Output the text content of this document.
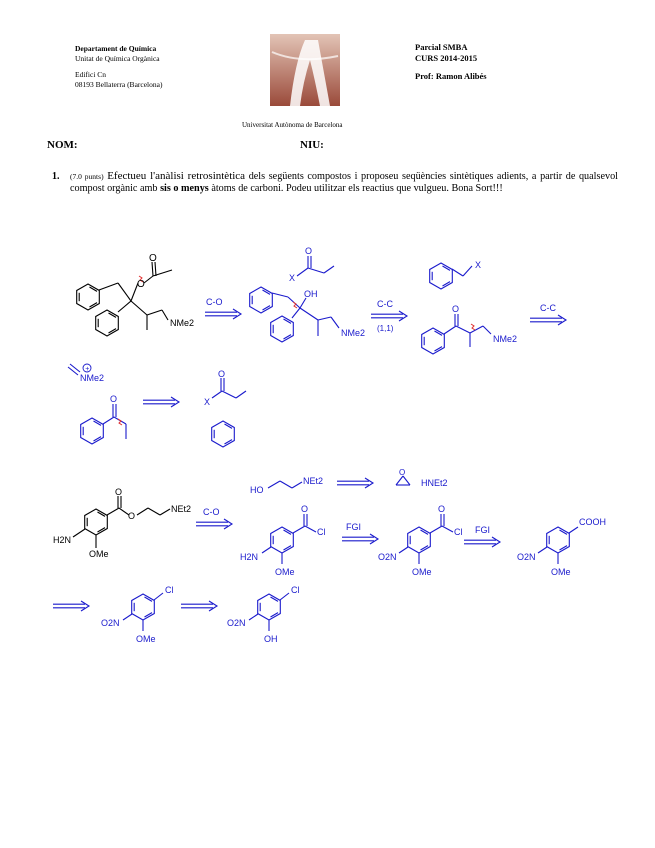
Departament de Química
Unitat de Química Orgànica
Edifici Cn
08193 Bellaterra (Barcelona)
Parcial SMBA
CURS 2014-2015
Prof: Ramon Alibés
Universitat Autònoma de Barcelona
NOM:	NIU:
1. (7.0 punts) Efectueu l'anàlisi retrosintètica dels següents compostos i proposeu seqüències sintètiques adients, a partir de qualsevol compost orgànic amb sis o menys àtoms de carboni. Podeu utilitzar els reactius que vulgueu. Bona Sort!!!
O
O
NMe2
C-O
X
O
OH
NMe2
C-C
(1,1)
X
O
NMe2
C-C
+
NMe2
O	X
O
O
O
NEt2
H2N
OMe
C-O
HO
NEt2
O
HNEt2
O
Cl
H2N
OMe
FGI
O
Cl
O2N
OMe
FGI
COOH
O2N
OMe
Cl
O2N
OMe
Cl
O2N
OH
